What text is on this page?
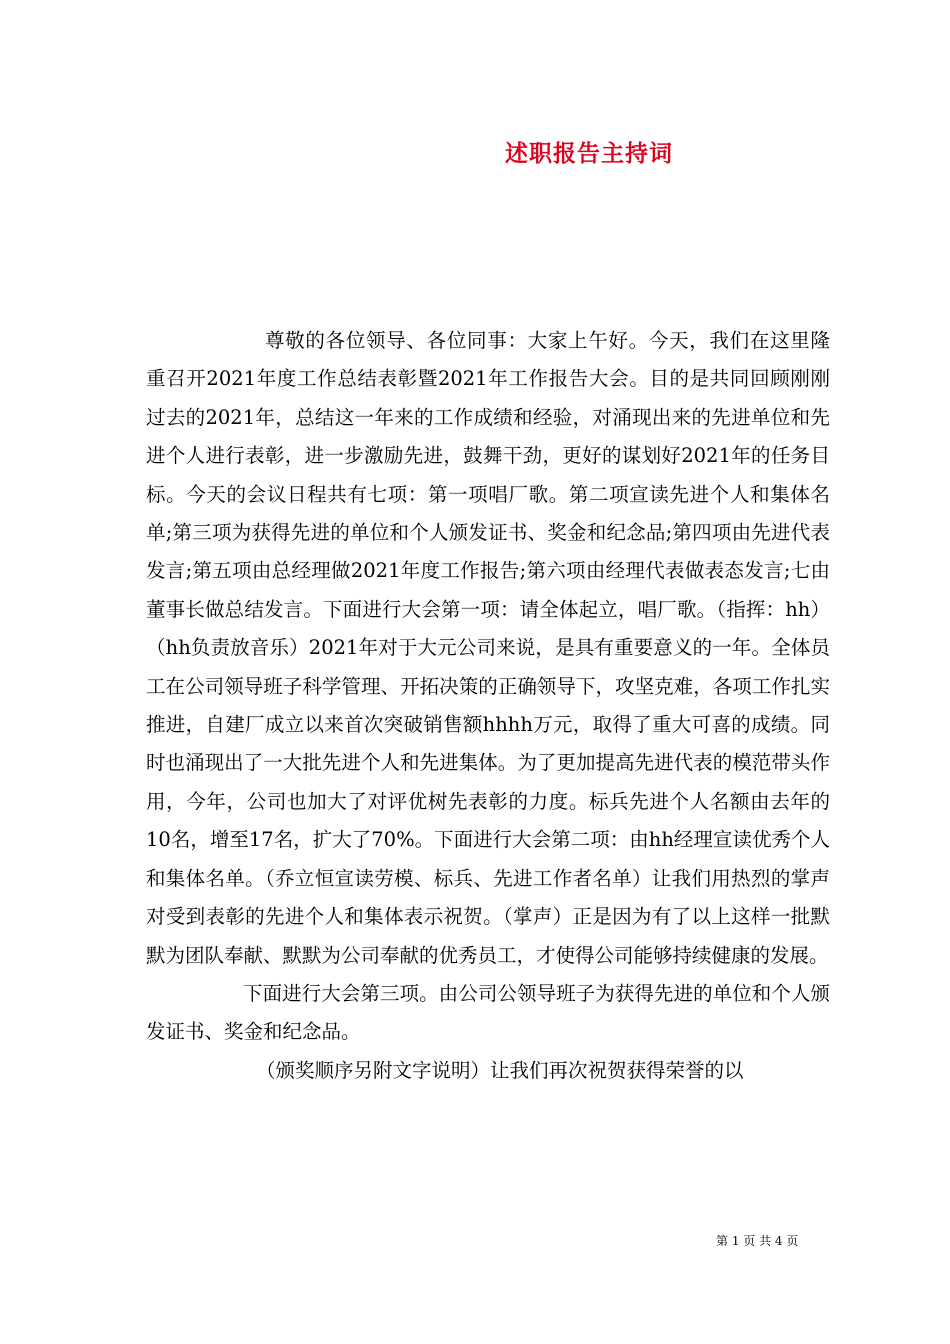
述职报告主持词

尊敬的各位领导、各位同事：大家上午好。今天，我们在这里隆重召开2021年度工作总结表彰暨2021年工作报告大会。目的是共同回顾刚刚过去的2021年，总结这一年来的工作成绩和经验，对涌现出来的先进单位和先进个人进行表彰，进一步激励先进，鼓舞干劲，更好的谋划好2021年的任务目标。今天的会议日程共有七项：第一项唱厂歌。第二项宣读先进个人和集体名单;第三项为获得先进的单位和个人颁发证书、奖金和纪念品;第四项由先进代表发言;第五项由总经理做2021年度工作报告;第六项由经理代表做表态发言;七由董事长做总结发言。下面进行大会第一项：请全体起立，唱厂歌。（指挥：hh）（hh负责放音乐）2021年对于大元公司来说，是具有重要意义的一年。全体员工在公司领导班子科学管理、开拓决策的正确领导下，攻坚克难，各项工作扎实推进，自建厂成立以来首次突破销售额hhhh万元，取得了重大可喜的成绩。同时也涌现出了一大批先进个人和先进集体。为了更加提高先进代表的模范带头作用，今年，公司也加大了对评优树先表彰的力度。标兵先进个人名额由去年的10名，增至17名，扩大了70%。下面进行大会第二项：由hh经理宣读优秀个人和集体名单。（乔立恒宣读劳模、标兵、先进工作者名单）让我们用热烈的掌声对受到表彰的先进个人和集体表示祝贺。（掌声）正是因为有了以上这样一批默默为团队奉献、默默为公司奉献的优秀员工，才使得公司能够持续健康的发展。

下面进行大会第三项。由公司公领导班子为获得先进的单位和个人颁发证书、奖金和纪念品。

（颁奖顺序另附文字说明）让我们再次祝贺获得荣誉的以

第 1 页 共 4 页
